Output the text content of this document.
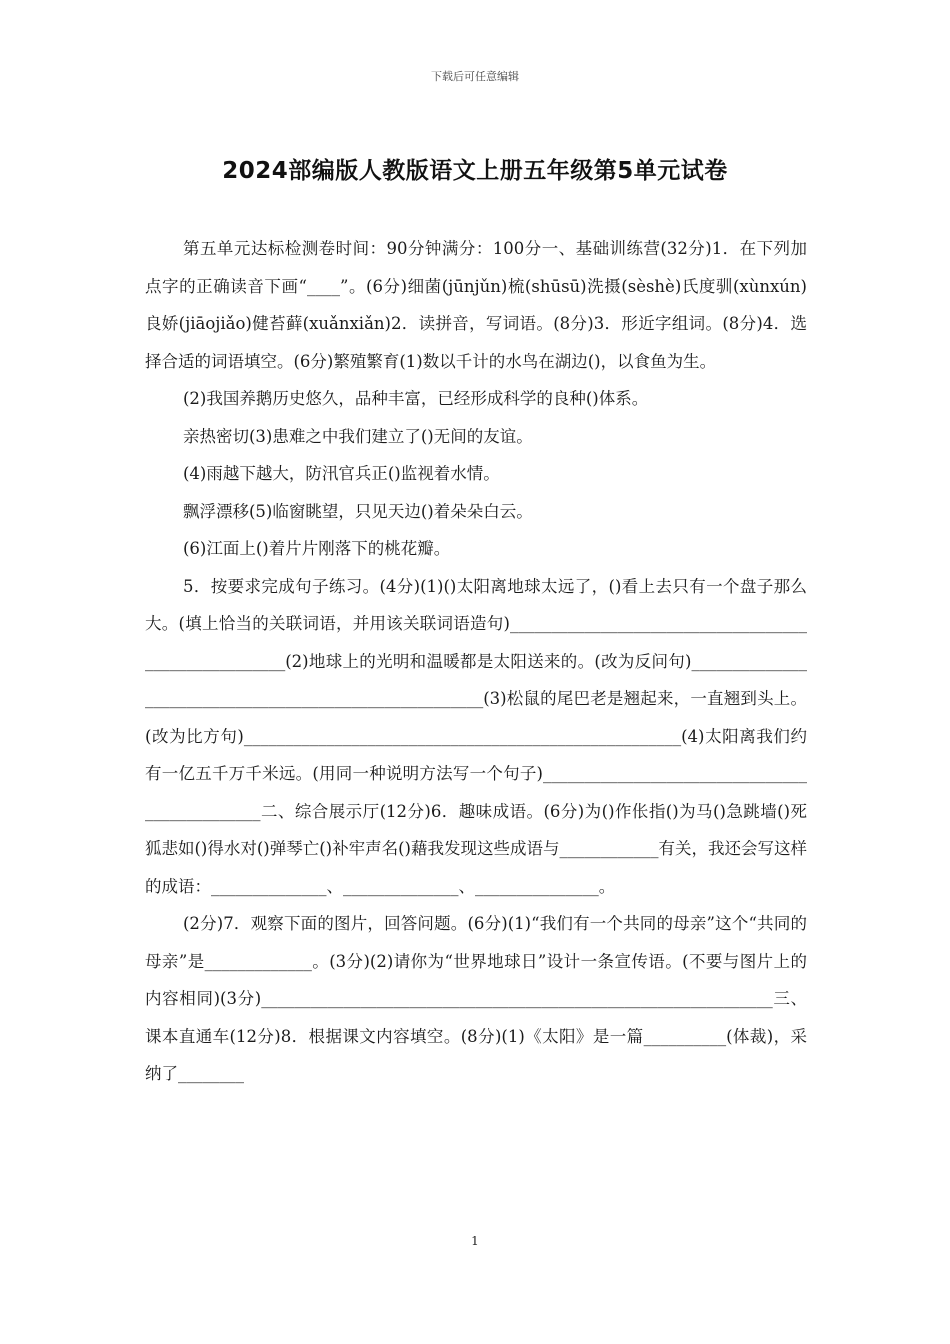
下载后可任意编辑
2024部编版人教版语文上册五年级第5单元试卷

第五单元达标检测卷时间：90分钟满分：100分一、基础训练营(32分)1．在下列加点字的正确读音下画“____”。(6分)细菌(jūnjǔn)梳(shūsū)洗摄(sèshè)氏度驯(xùnxún)良娇(jiāojiǎo)健苔藓(xuǎnxiǎn)2．读拼音，写词语。(8分)3．形近字组词。(8分)4．选择合适的词语填空。(6分)繁殖繁育(1)数以千计的水鸟在湖边()，以食鱼为生。

(2)我国养鹅历史悠久，品种丰富，已经形成科学的良种()体系。

亲热密切(3)患难之中我们建立了()无间的友谊。

(4)雨越下越大，防汛官兵正()监视着水情。

飘浮漂移(5)临窗眺望，只见天边()着朵朵白云。

(6)江面上()着片片刚落下的桃花瓣。

5．按要求完成句子练习。(4分)(1)()太阳离地球太远了，()看上去只有一个盘子那么大。(填上恰当的关联词语，并用该关联词语造句)_____________________________________________________(2)地球上的光明和温暖都是太阳送来的。(改为反问句)_______________________________________________________(3)松鼠的尾巴老是翘起来，一直翘到头上。(改为比方句)_____________________________________________________(4)太阳离我们约有一亿五千万千米远。(用同一种说明方法写一个句子)______________________________________________二、综合展示厅(12分)6．趣味成语。(6分)为()作伥指()为马()急跳墙()死狐悲如()得水对()弹琴亡()补牢声名()藉我发现这些成语与____________有关，我还会写这样的成语：______________、______________、_______________。

(2分)7．观察下面的图片，回答问题。(6分)(1)“我们有一个共同的母亲”这个“共同的母亲”是_____________。(3分)(2)请你为“世界地球日”设计一条宣传语。(不要与图片上的内容相同)(3分)______________________________________________________________三、课本直通车(12分)8．根据课文内容填空。(8分)(1)《太阳》是一篇__________(体裁)，采纳了________

1
